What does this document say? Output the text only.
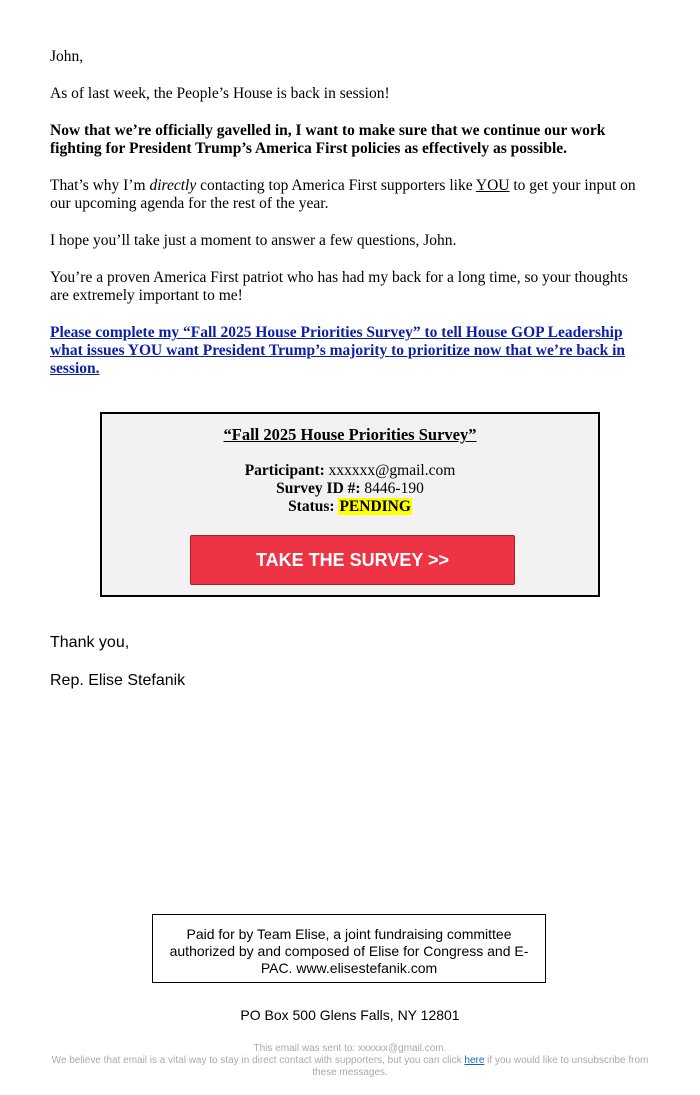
John,

As of last week, the People’s House is back in session!

Now that we’re officially gavelled in, I want to make sure that we continue our work fighting for President Trump’s America First policies as effectively as possible.

That’s why I’m directly contacting top America First supporters like YOU to get your input on our upcoming agenda for the rest of the year.

I hope you’ll take just a moment to answer a few questions, John.

You’re a proven America First patriot who has had my back for a long time, so your thoughts are extremely important to me!

Please complete my “Fall 2025 House Priorities Survey” to tell House GOP Leadership what issues YOU want President Trump’s majority to prioritize now that we’re back in session.

“Fall 2025 House Priorities Survey”
Participant: xxxxxx@gmail.com
Survey ID #: 8446-190
Status: PENDING
TAKE THE SURVEY >>
Thank you,
Rep. Elise Stefanik
Paid for by Team Elise, a joint fundraising committee authorized by and composed of Elise for Congress and E-PAC. www.elisestefanik.com
PO Box 500 Glens Falls, NY 12801
This email was sent to: xxxxxx@gmail.com.
We believe that email is a vital way to stay in direct contact with supporters, but you can click here if you would like to unsubscribe from these messages.
